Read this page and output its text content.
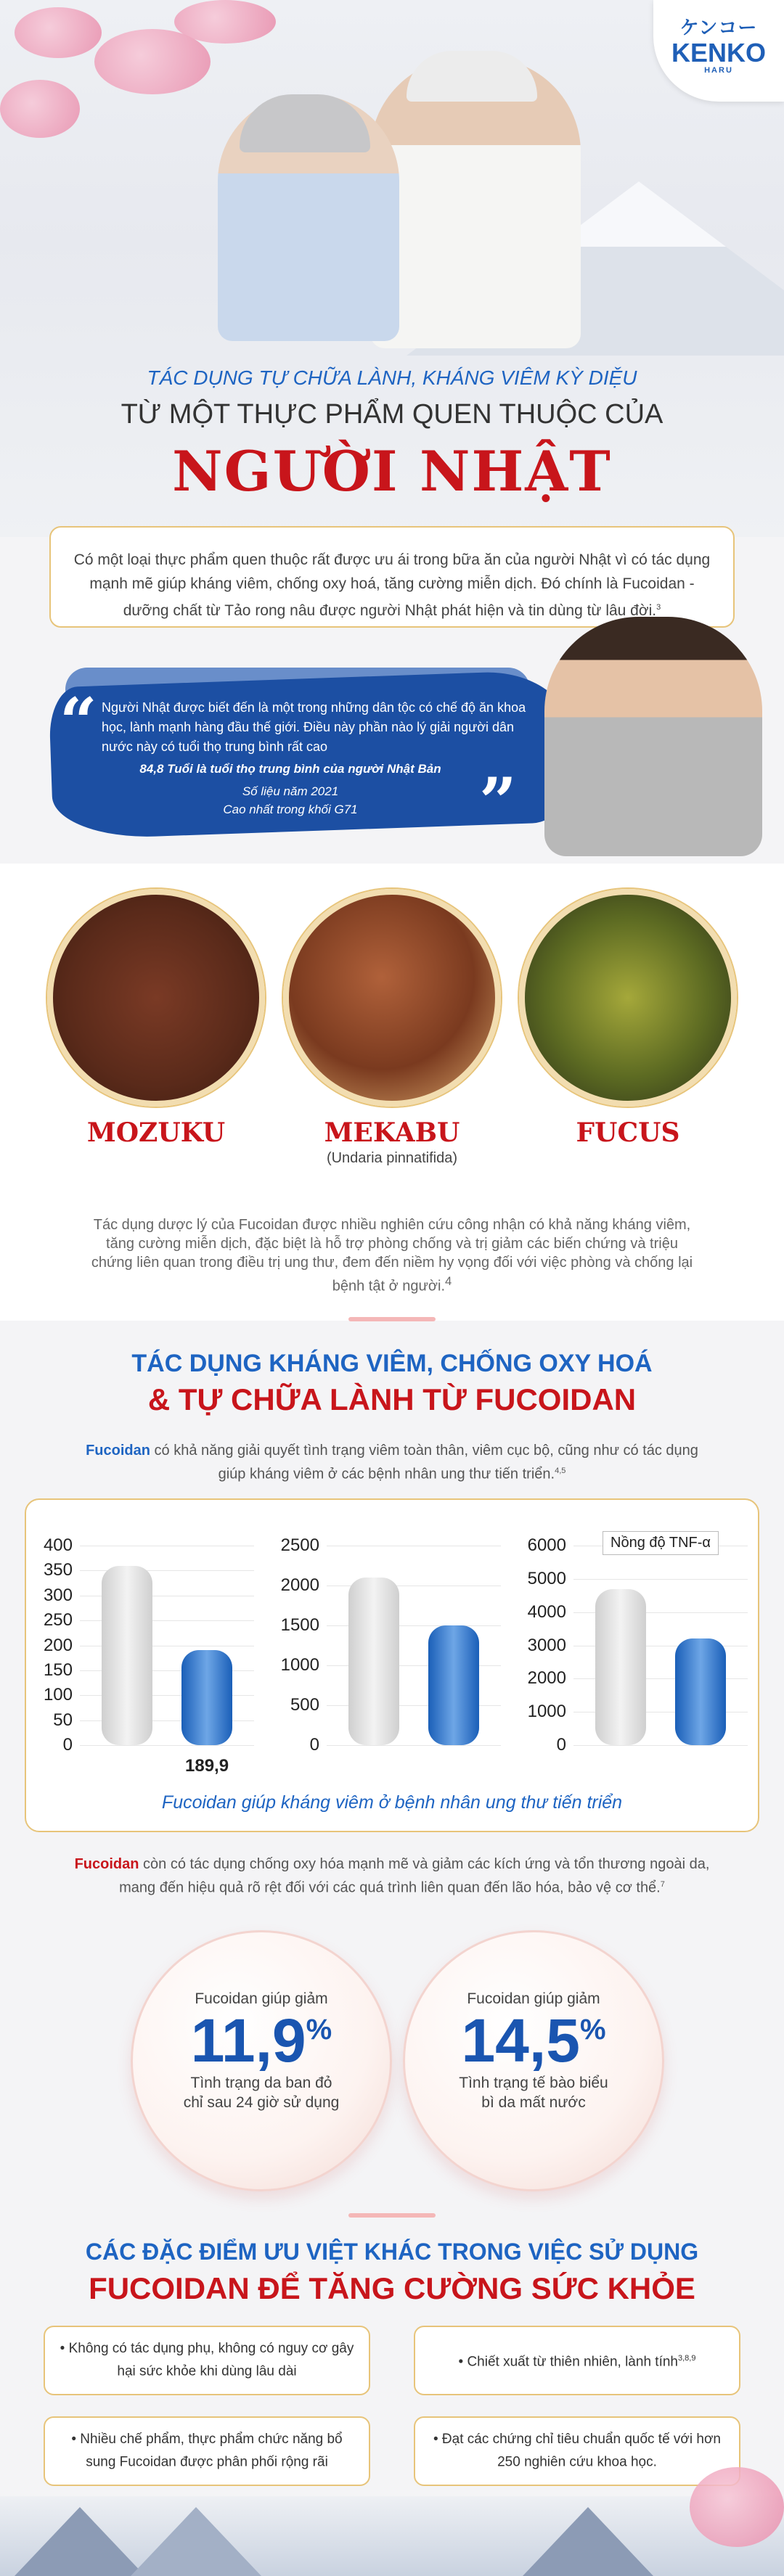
ケンコー
KENKO
HARU
TÁC DỤNG TỰ CHỮA LÀNH, KHÁNG VIÊM KỲ DIỆU
TỪ MỘT THỰC PHẨM QUEN THUỘC CỦA
NGƯỜI NHẬT
Có một loại thực phẩm quen thuộc rất được ưu ái trong bữa ăn của người Nhật vì có tác dụng mạnh mẽ giúp kháng viêm, chống oxy hoá, tăng cường miễn dịch. Đó chính là Fucoidan - dưỡng chất từ Tảo rong nâu được người Nhật phát hiện và tin dùng từ lâu đời.$^3$
“ Người Nhật được biết đến là một trong những dân tộc có chế độ ăn khoa học, lành mạnh hàng đầu thế giới. Điều này phần nào lý giải người dân nước này có tuổi thọ trung bình rất cao
84,8 Tuổi là tuổi thọ trung bình của người Nhật Bản
Số liệu năm 2021
Cao nhất trong khối G71	”
MOZUKU	MEKABU
(Undaria pinnatifida)
FUCUS
Tác dụng dược lý của Fucoidan được nhiều nghiên cứu công nhận có khả năng kháng viêm, tăng cường miễn dịch, đặc biệt là hỗ trợ phòng chống và trị giảm các biến chứng và triệu chứng liên quan trong điều trị ung thư, đem đến niềm hy vọng đối với việc phòng và chống lại bệnh tật ở người.$^4$
TÁC DỤNG KHÁNG VIÊM, CHỐNG OXY HOÁ
& TỰ CHỮA LÀNH TỪ FUCOIDAN
Fucoidan có khả năng giải quyết tình trạng viêm toàn thân, viêm cục bộ, cũng như có tác dụng giúp kháng viêm ở các bệnh nhân ung thư tiến triển.$^{4,5}$
400
350
300
250
200
150
100
50
0
189,9
2500
2000
1500
1000
500
0
6000
5000
4000
3000
2000
1000
0
Nồng độ TNF-α
Fucoidan giúp kháng viêm ở bệnh nhân ung thư tiến triển
Fucoidan còn có tác dụng chống oxy hóa mạnh mẽ và giảm các kích ứng và tổn thương ngoài da, mang đến hiệu quả rõ rệt đối với các quá trình liên quan đến lão hóa, bảo vệ cơ thể.$^7$
Fucoidan giúp giảm
11,9%
Tình trạng da ban đỏ chỉ sau 24 giờ sử dụng
Fucoidan giúp giảm
14,5%
Tình trạng tế bào biểu bì da mất nước
CÁC ĐẶC ĐIỂM ƯU VIỆT KHÁC TRONG VIỆC SỬ DỤNG
FUCOIDAN ĐỂ TĂNG CƯỜNG SỨC KHỎE
• Không có tác dụng phụ, không có nguy cơ gây hại sức khỏe khi dùng lâu dài
• Chiết xuất từ thiên nhiên, lành tính$^{3,8,9}$
• Nhiều chế phẩm, thực phẩm chức năng bổ sung Fucoidan được phân phối rộng rãi
• Đạt các chứng chỉ tiêu chuẩn quốc tế với hơn 250 nghiên cứu khoa học.
